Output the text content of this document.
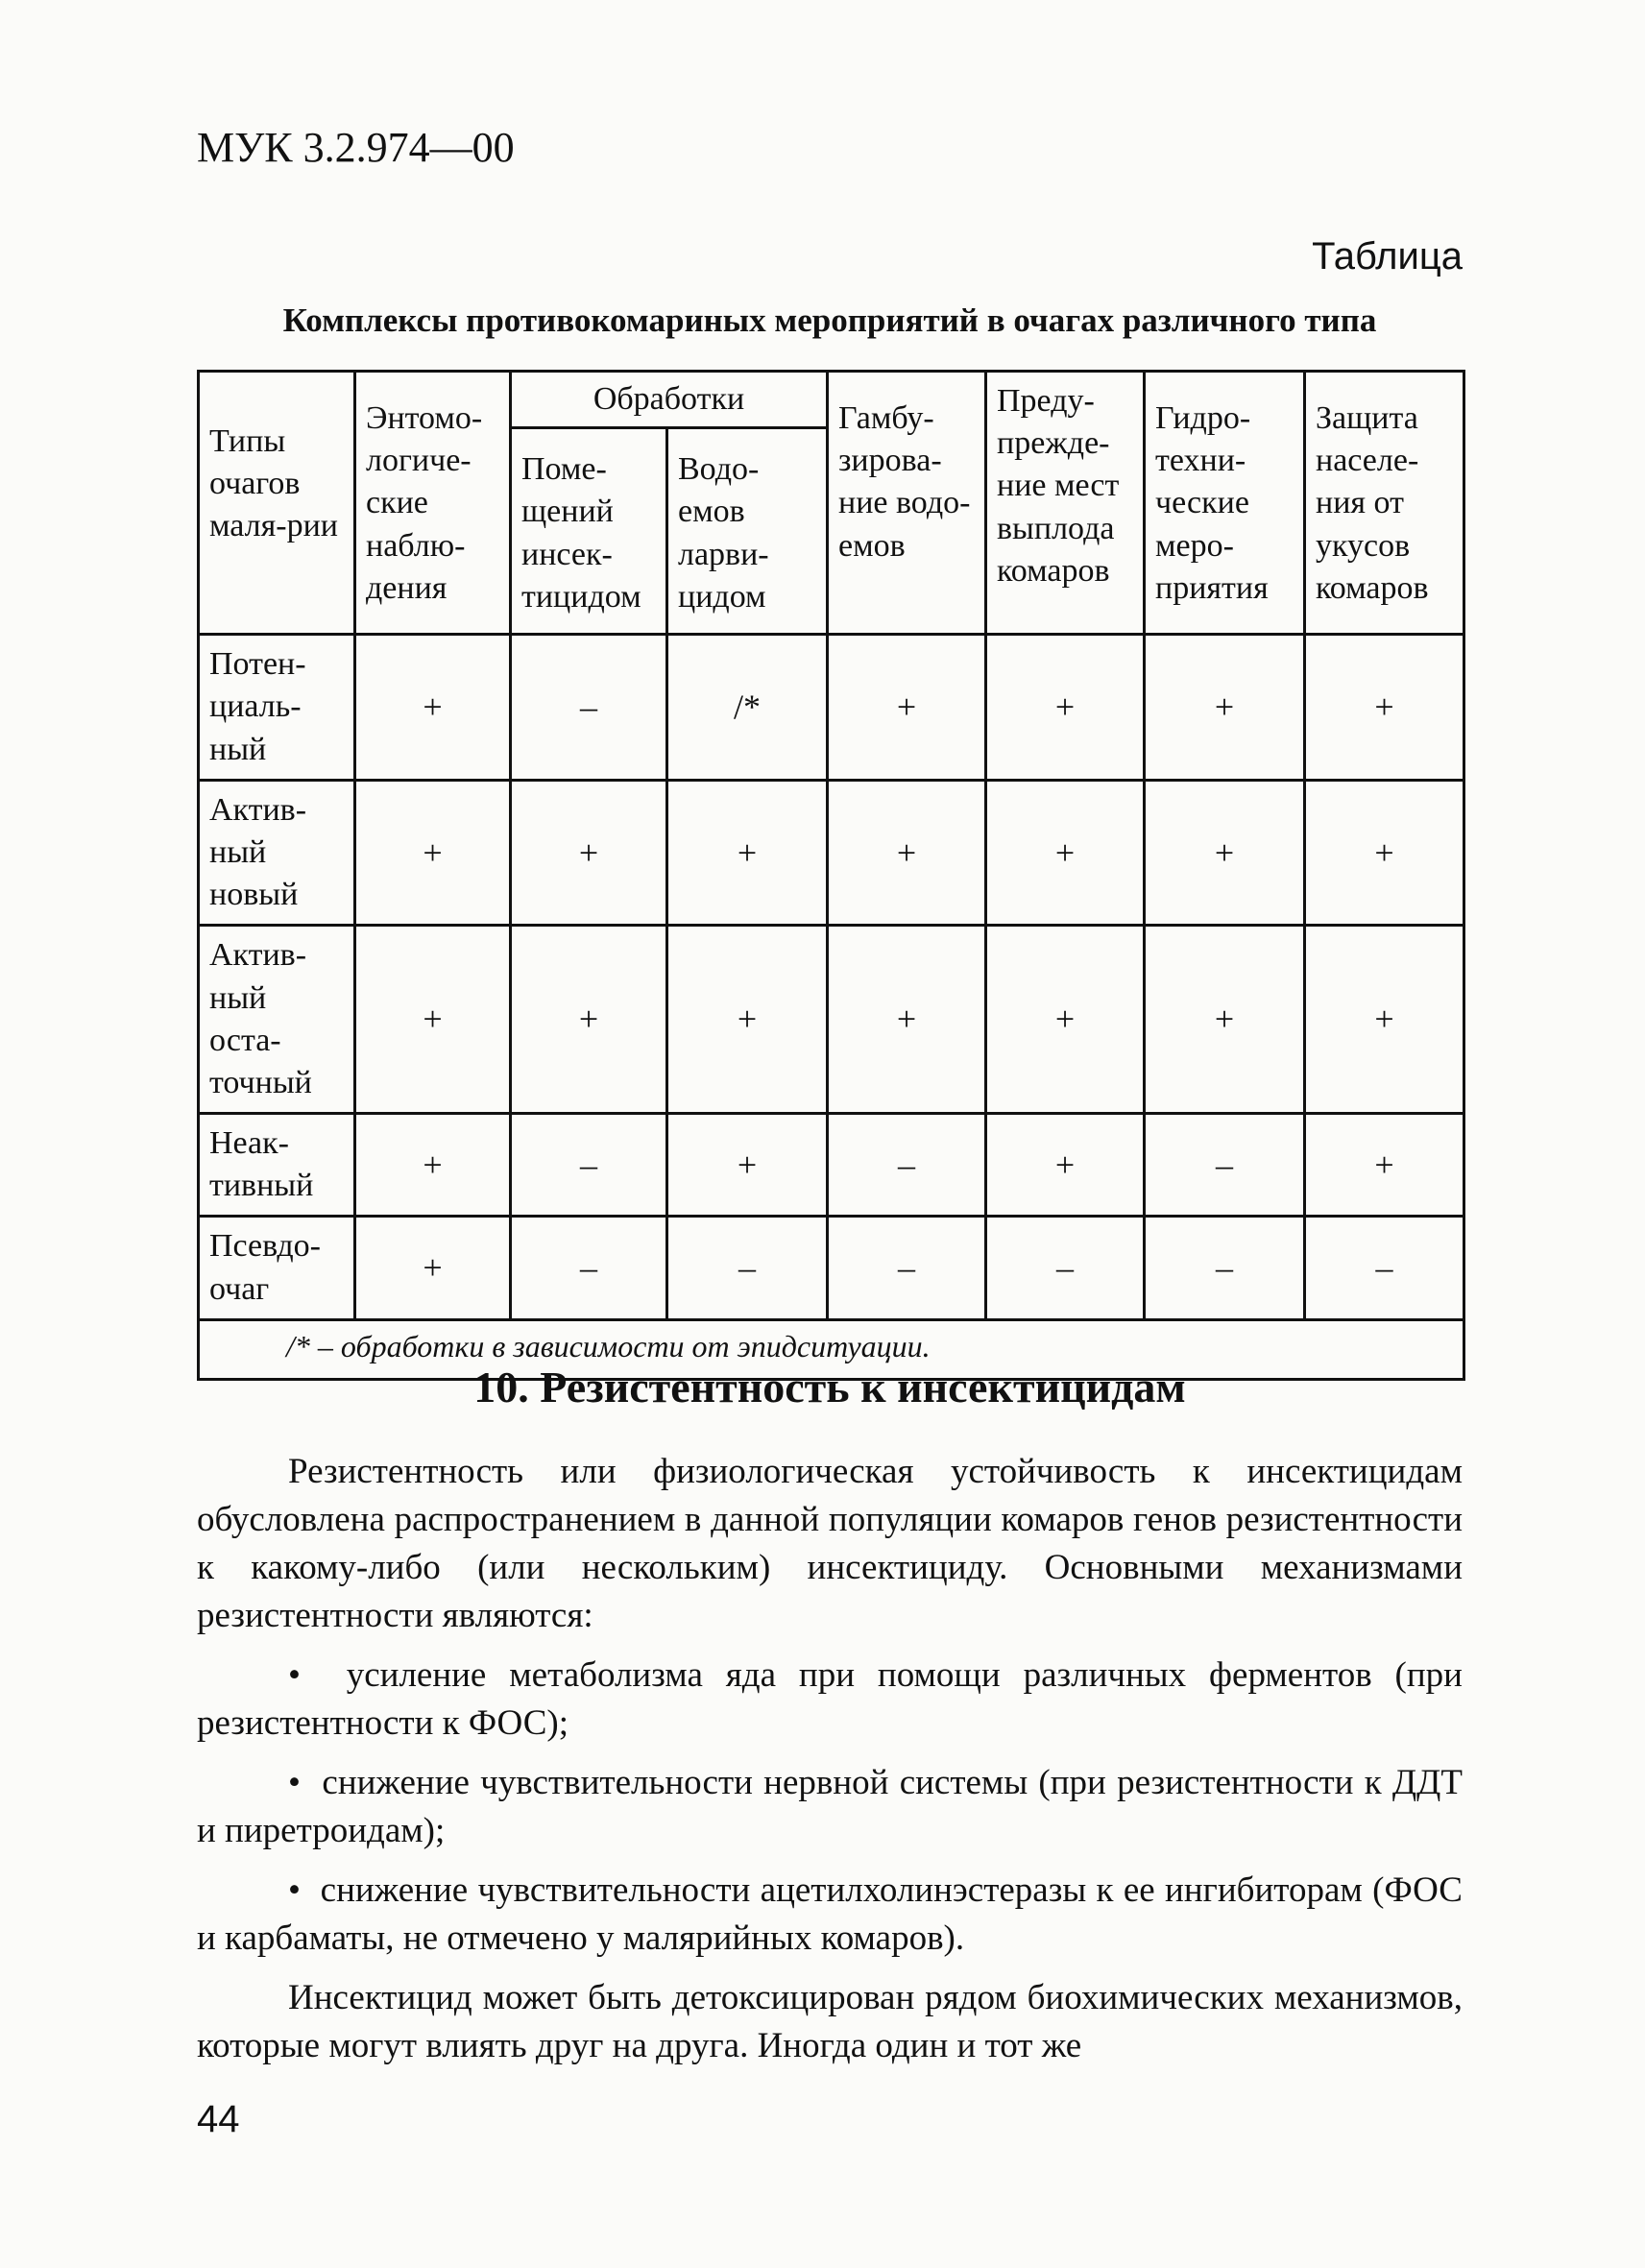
МУК 3.2.974—00
Таблица
Комплексы противокомариных мероприятий в очагах различного типа
Типы очагов маля-рии	Энтомо-логиче-ские наблю-дения	Обработки		Гамбу-зирова-ние водо-емов	Преду-прежде-ние мест выплода комаров	Гидро-техни-ческие меро-приятия	Защита населе-ния от укусов комаров
		Поме-щений инсек-тицидом	Водо-емов ларви-цидом				
Потен-циаль-ный	+	–	/*	+	+	+	+
Актив-ный новый	+	+	+	+	+	+	+
Актив-ный оста-точный	+	+	+	+	+	+	+
Неак-тивный	+	–	+	–	+	–	+
Псевдо-очаг	+	–	–	–	–	–	–
/* – обработки в зависимости от эпидситуации.							
10. Резистентность к инсектицидам

Резистентность или физиологическая устойчивость к инсектицидам обусловлена распространением в данной популяции комаров генов резистентности к какому-либо (или нескольким) инсектициду. Основными механизмами резистентности являются:

•  усиление метаболизма яда при помощи различных ферментов (при резистентности к ФОС);

•  снижение чувствительности нервной системы (при резистентности к ДДТ и пиретроидам);

•  снижение чувствительности ацетилхолинэстеразы к ее ингибиторам (ФОС и карбаматы, не отмечено у малярийных комаров).

Инсектицид может быть детоксицирован рядом биохимических механизмов, которые могут влиять друг на друга. Иногда один и тот же

44
